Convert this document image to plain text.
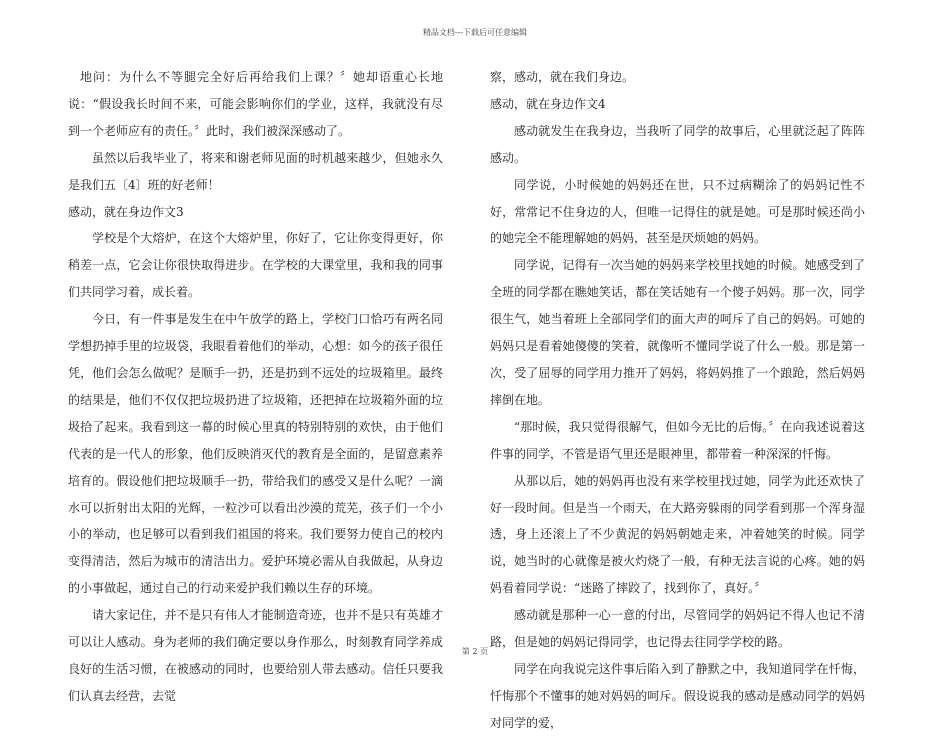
精品文档---下载后可任意编辑

地问：为什么不等腿完全好后再给我们上课？〞她却语重心长地说：“假设我长时间不来，可能会影响你们的学业，这样，我就没有尽到一个老师应有的责任。〞此时，我们被深深感动了。

虽然以后我毕业了，将来和谢老师见面的时机越来越少，但她永久是我们五〔4〕班的好老师！

感动，就在身边作文3

学校是个大熔炉，在这个大熔炉里，你好了，它让你变得更好，你稍差一点，它会让你很快取得进步。在学校的大课堂里，我和我的同事们共同学习着，成长着。

今日，有一件事是发生在中午放学的路上，学校门口恰巧有两名同学想扔掉手里的垃圾袋，我眼看着他们的举动，心想：如今的孩子很任凭，他们会怎么做呢？是顺手一扔，还是扔到不远处的垃圾箱里。最终的结果是，他们不仅仅把垃圾扔进了垃圾箱，还把掉在垃圾箱外面的垃圾拾了起来。我看到这一幕的时候心里真的特别特别的欢快，由于他们代表的是一代人的形象，他们反映消灭代的教育是全面的，是留意素养培育的。假设他们把垃圾顺手一扔，带给我们的感受又是什么呢？一滴水可以折射出太阳的光辉，一粒沙可以看出沙漠的荒芜，孩子们一个小小的举动，也足够可以看到我们祖国的将来。我们要努力使自己的校内变得清洁，然后为城市的清洁出力。爱护环境必需从自我做起，从身边的小事做起，通过自己的行动来爱护我们赖以生存的环境。

请大家记住，并不是只有伟人才能制造奇迹，也并不是只有英雄才可以让人感动。身为老师的我们确定要以身作那么，时刻教育同学养成良好的生活习惯，在被感动的同时，也要给别人带去感动。信任只要我们认真去经营，去觉

察，感动，就在我们身边。

感动，就在身边作文4

感动就发生在我身边，当我听了同学的故事后，心里就泛起了阵阵感动。

同学说，小时候她的妈妈还在世，只不过病糊涂了的妈妈记性不好，常常记不住身边的人，但唯一记得住的就是她。可是那时候还尚小的她完全不能理解她的妈妈，甚至是厌烦她的妈妈。

同学说，记得有一次当她的妈妈来学校里找她的时候。她感受到了全班的同学都在瞧她笑话，都在笑话她有一个傻子妈妈。那一次，同学很生气，她当着班上全部同学们的面大声的呵斥了自己的妈妈。可她的妈妈只是看着她傻傻的笑着，就像听不懂同学说了什么一般。那是第一次，受了屈辱的同学用力推开了妈妈，将妈妈推了一个踉跄，然后妈妈摔倒在地。

“那时候，我只觉得很解气，但如今无比的后悔。〞在向我述说着这件事的同学，不管是语气里还是眼神里，都带着一种深深的忏悔。

从那以后，她的妈妈再也没有来学校里找过她，同学为此还欢快了好一段时间。但是当一个雨天，在大路旁躲雨的同学看到那一个浑身湿透，身上还滚上了不少黄泥的妈妈朝她走来，冲着她笑的时候。同学说，她当时的心就像是被火灼烧了一般，有种无法言说的心疼。她的妈妈看着同学说：“迷路了摔跤了，找到你了，真好。〞

感动就是那种一心一意的付出，尽管同学的妈妈记不得人也记不清路，但是她的妈妈记得同学，也记得去往同学学校的路。

同学在向我说完这件事后陷入到了静默之中，我知道同学在忏悔，忏悔那个不懂事的她对妈妈的呵斥。假设说我的感动是感动同学的妈妈对同学的爱，

第 2 页
